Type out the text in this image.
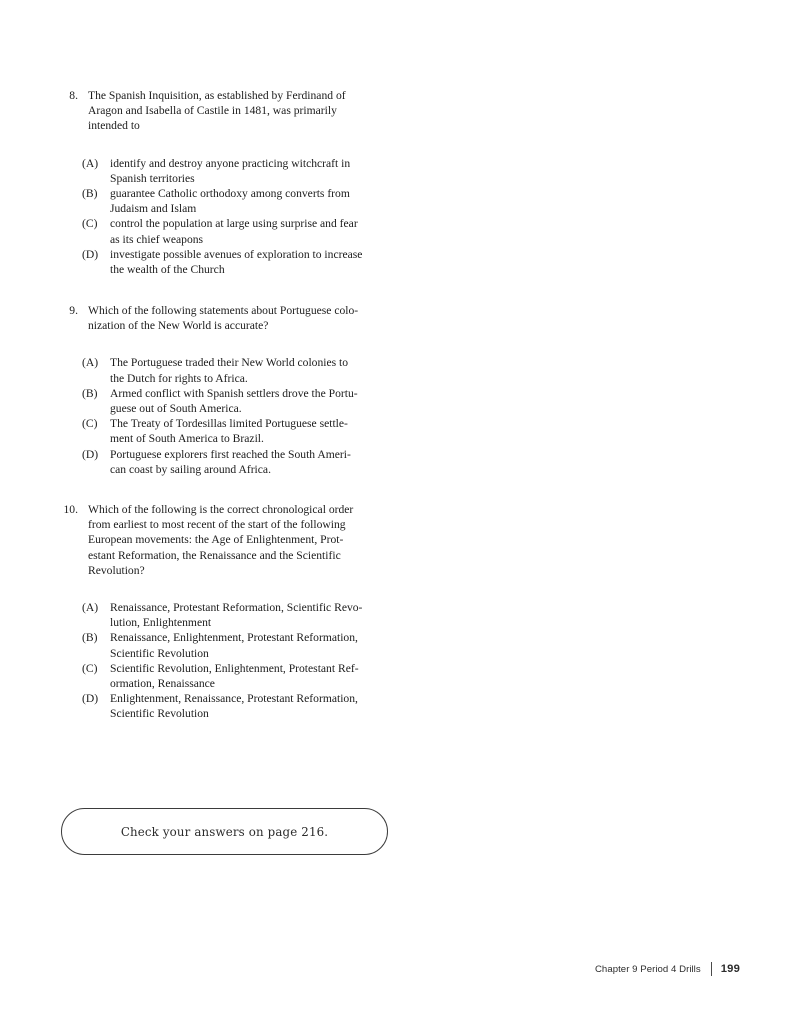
8. The Spanish Inquisition, as established by Ferdinand of
Aragon and Isabella of Castile in 1481, was primarily
intended to
(A)	identify and destroy anyone practicing witchcraft in
Spanish territories
(B)	guarantee Catholic orthodoxy among converts from
Judaism and Islam
(C)	control the population at large using surprise and fear
as its chief weapons
(D)	investigate possible avenues of exploration to increase
the wealth of the Church
9. Which of the following statements about Portuguese colo-
nization of the New World is accurate?
(A)	The Portuguese traded their New World colonies to
the Dutch for rights to Africa.
(B)	Armed conflict with Spanish settlers drove the Portu-
guese out of South America.
(C)	The Treaty of Tordesillas limited Portuguese settle-
ment of South America to Brazil.
(D)	Portuguese explorers first reached the South Ameri-
can coast by sailing around Africa.
10. Which of the following is the correct chronological order
from earliest to most recent of the start of the following
European movements: the Age of Enlightenment, Prot-
estant Reformation, the Renaissance and the Scientific
Revolution?
(A)	Renaissance, Protestant Reformation, Scientific Revo-
lution, Enlightenment
(B)	Renaissance, Enlightenment, Protestant Reformation,
Scientific Revolution
(C)	Scientific Revolution, Enlightenment, Protestant Ref-
ormation, Renaissance
(D)	Enlightenment, Renaissance, Protestant Reformation,
Scientific Revolution
Check your answers on page 216.
Chapter 9 Period 4 Drills 199
